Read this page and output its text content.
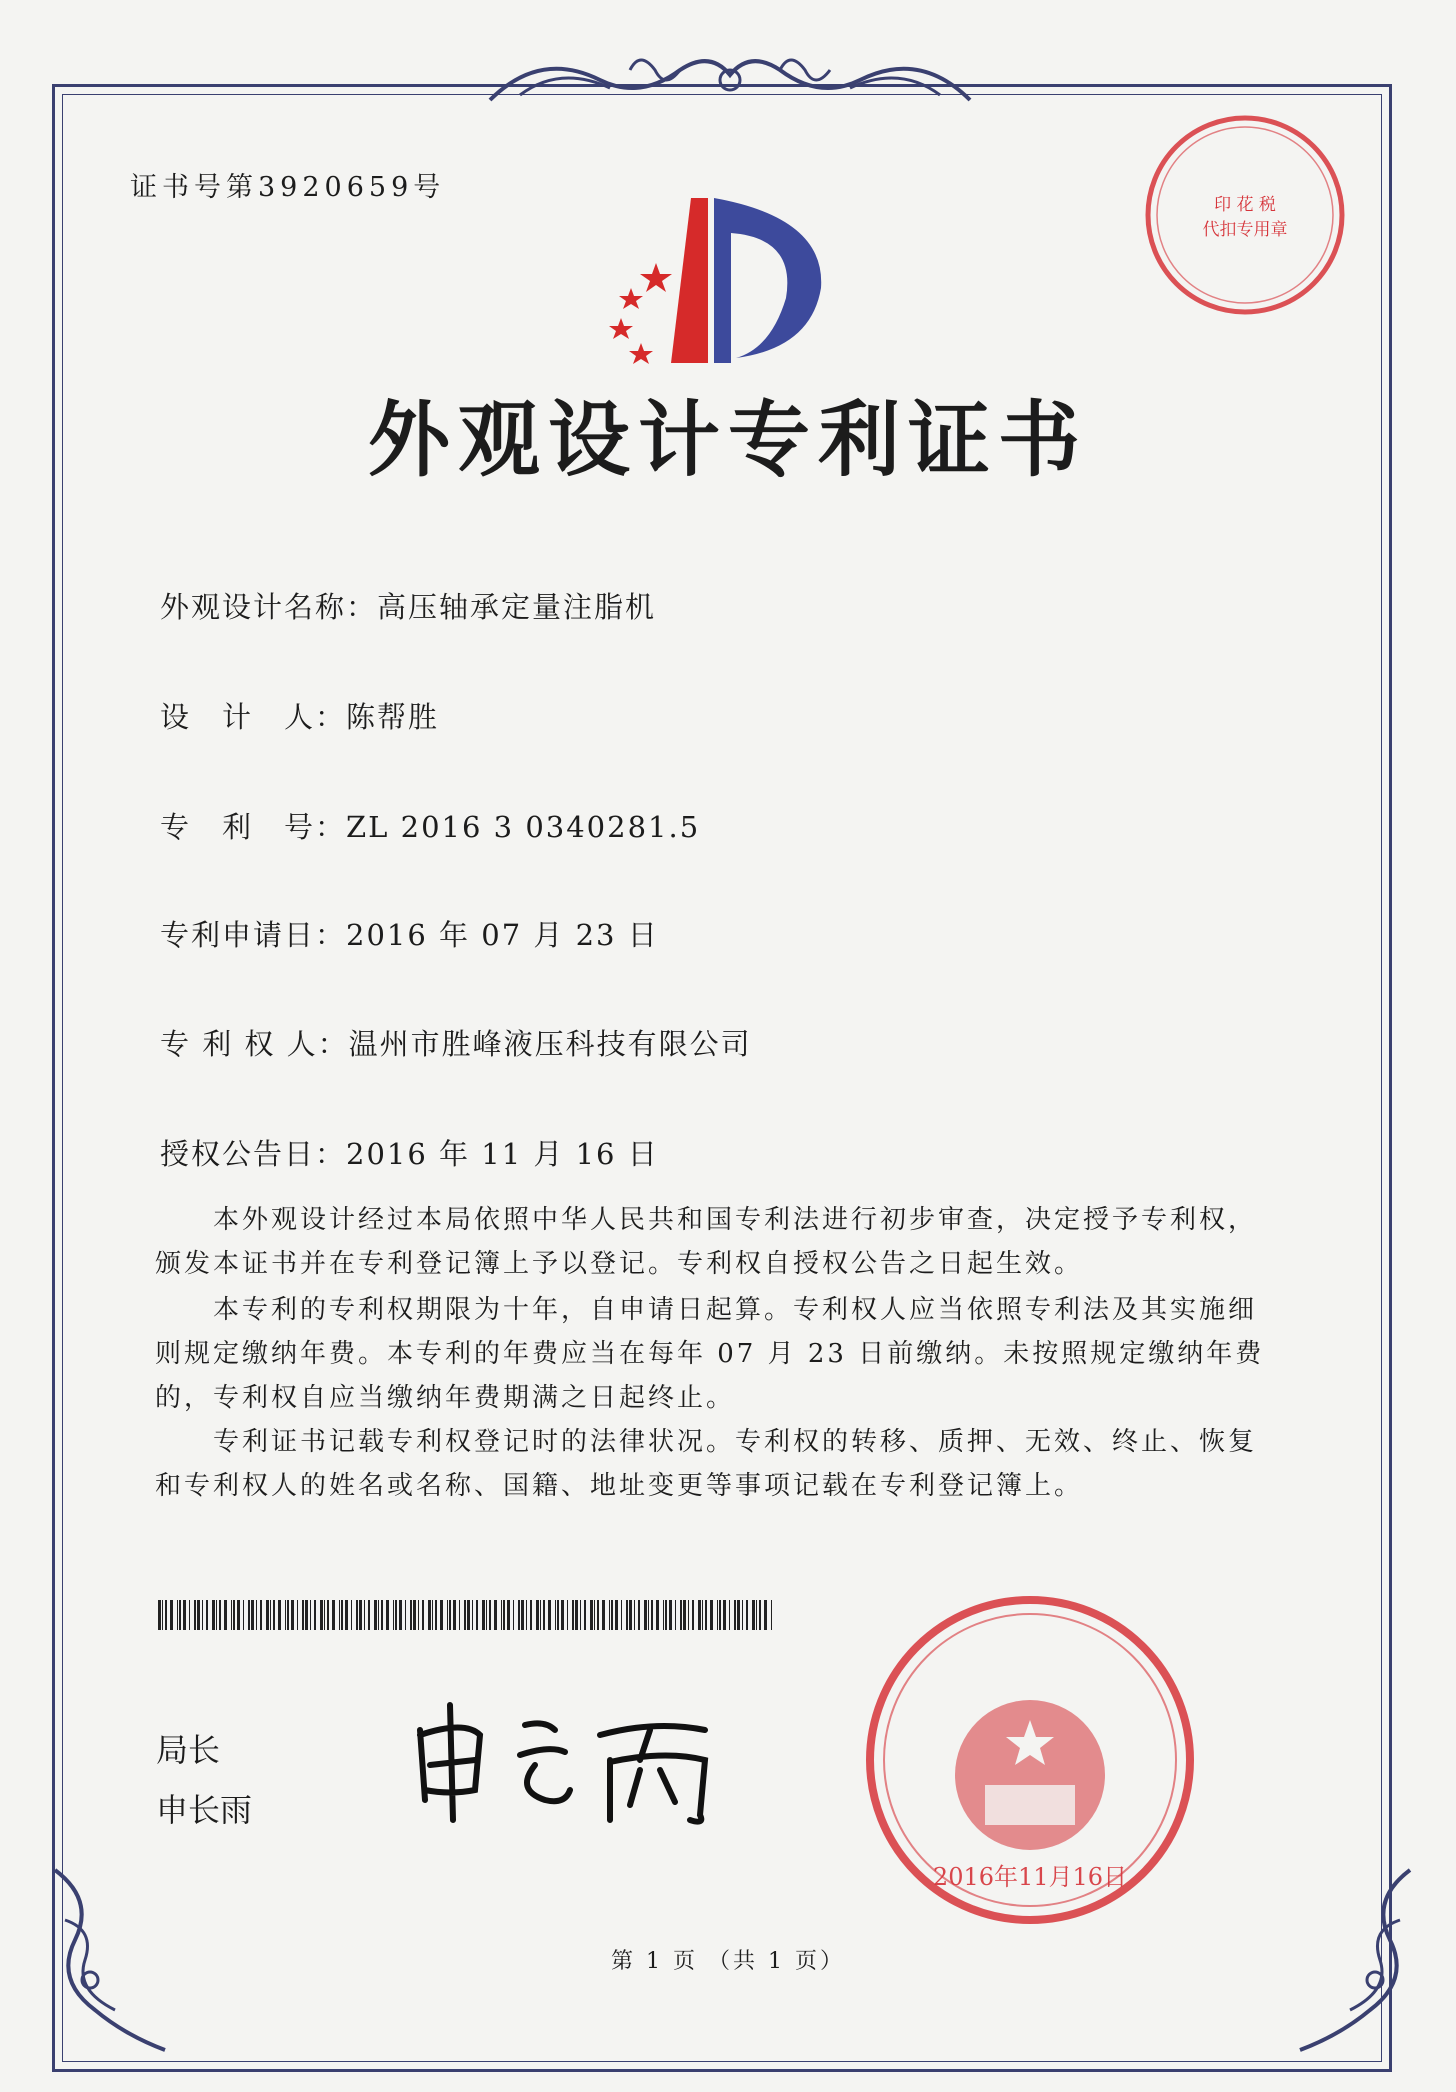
证书号第3920659号
外观设计专利证书
外观设计名称：高压轴承定量注脂机
设　计　人：陈帮胜
专　利　号：ZL 2016 3 0340281.5
专利申请日：2016 年 07 月 23 日
专 利 权 人：温州市胜峰液压科技有限公司
授权公告日：2016 年 11 月 16 日
本外观设计经过本局依照中华人民共和国专利法进行初步审查，决定授予专利权，颁发本证书并在专利登记簿上予以登记。专利权自授权公告之日起生效。
本专利的专利权期限为十年，自申请日起算。专利权人应当依照专利法及其实施细则规定缴纳年费。本专利的年费应当在每年 07 月 23 日前缴纳。未按照规定缴纳年费的，专利权自应当缴纳年费期满之日起终止。
专利证书记载专利权登记时的法律状况。专利权的转移、质押、无效、终止、恢复和专利权人的姓名或名称、国籍、地址变更等事项记载在专利登记簿上。
局长
申长雨
2016年11月16日
印 花 税
代扣专用章
第 1 页 （共 1 页）
